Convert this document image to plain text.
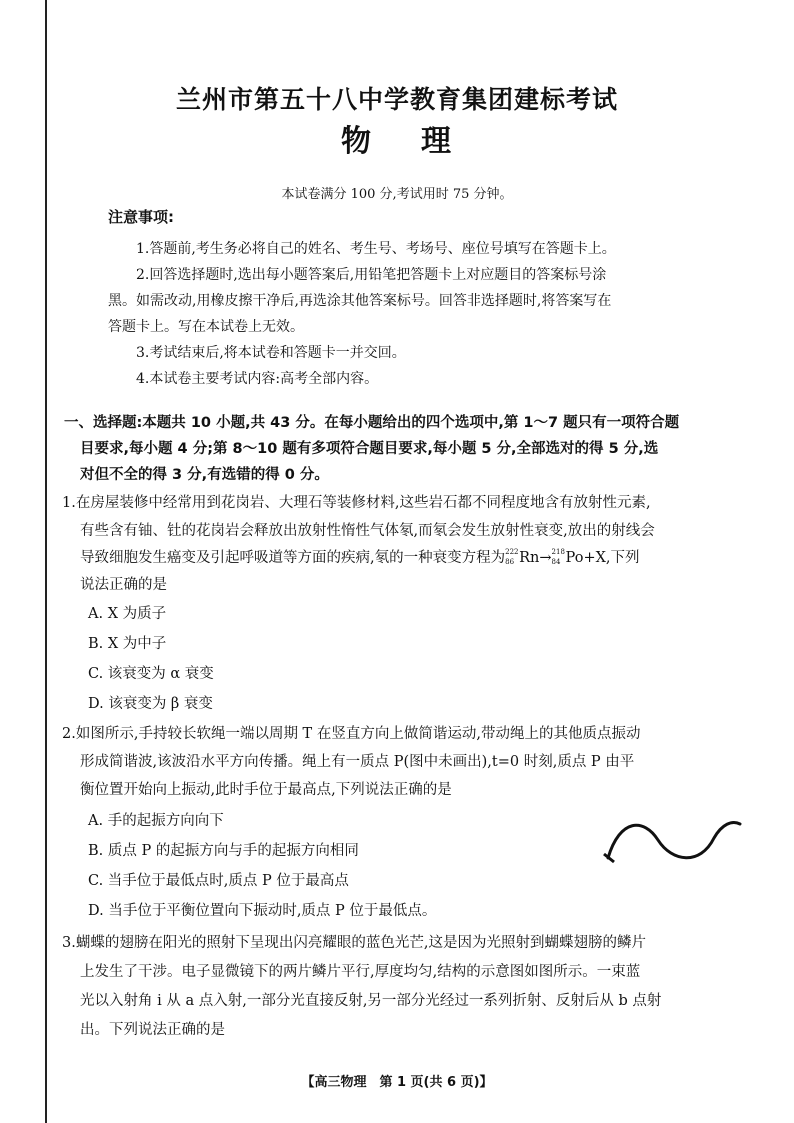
兰州市第五十八中学教育集团建标考试
物 理
本试卷满分 100 分,考试用时 75 分钟。
注意事项:
1.答题前,考生务必将自己的姓名、考生号、考场号、座位号填写在答题卡上。
2.回答选择题时,选出每小题答案后,用铅笔把答题卡上对应题目的答案标号涂
黑。如需改动,用橡皮擦干净后,再选涂其他答案标号。回答非选择题时,将答案写在
答题卡上。写在本试卷上无效。
3.考试结束后,将本试卷和答题卡一并交回。
4.本试卷主要考试内容:高考全部内容。
一、选择题:本题共 10 小题,共 43 分。在每小题给出的四个选项中,第 1～7 题只有一项符合题
目要求,每小题 4 分;第 8～10 题有多项符合题目要求,每小题 5 分,全部选对的得 5 分,选
对但不全的得 3 分,有选错的得 0 分。
1.在房屋装修中经常用到花岗岩、大理石等装修材料,这些岩石都不同程度地含有放射性元素,
有些含有铀、钍的花岗岩会释放出放射性惰性气体氡,而氡会发生放射性衰变,放出的射线会
导致细胞发生癌变及引起呼吸道等方面的疾病,氡的一种衰变方程为 222
86 Rn→ 218
84 Po+X,下列
说法正确的是
A. X 为质子
B. X 为中子
C. 该衰变为 α 衰变
D. 该衰变为 β 衰变
2.如图所示,手持较长软绳一端以周期 T 在竖直方向上做简谐运动,带动绳上的其他质点振动
形成简谐波,该波沿水平方向传播。绳上有一质点 P(图中未画出),t=0 时刻,质点 P 由平
衡位置开始向上振动,此时手位于最高点,下列说法正确的是
A. 手的起振方向向下
B. 质点 P 的起振方向与手的起振方向相同
C. 当手位于最低点时,质点 P 位于最高点
D. 当手位于平衡位置向下振动时,质点 P 位于最低点。
3.蝴蝶的翅膀在阳光的照射下呈现出闪亮耀眼的蓝色光芒,这是因为光照射到蝴蝶翅膀的鳞片
上发生了干涉。电子显微镜下的两片鳞片平行,厚度均匀,结构的示意图如图所示。一束蓝
光以入射角 i 从 a 点入射,一部分光直接反射,另一部分光经过一系列折射、反射后从 b 点射
出。下列说法正确的是
【高三物理　第 1 页(共 6 页)】
